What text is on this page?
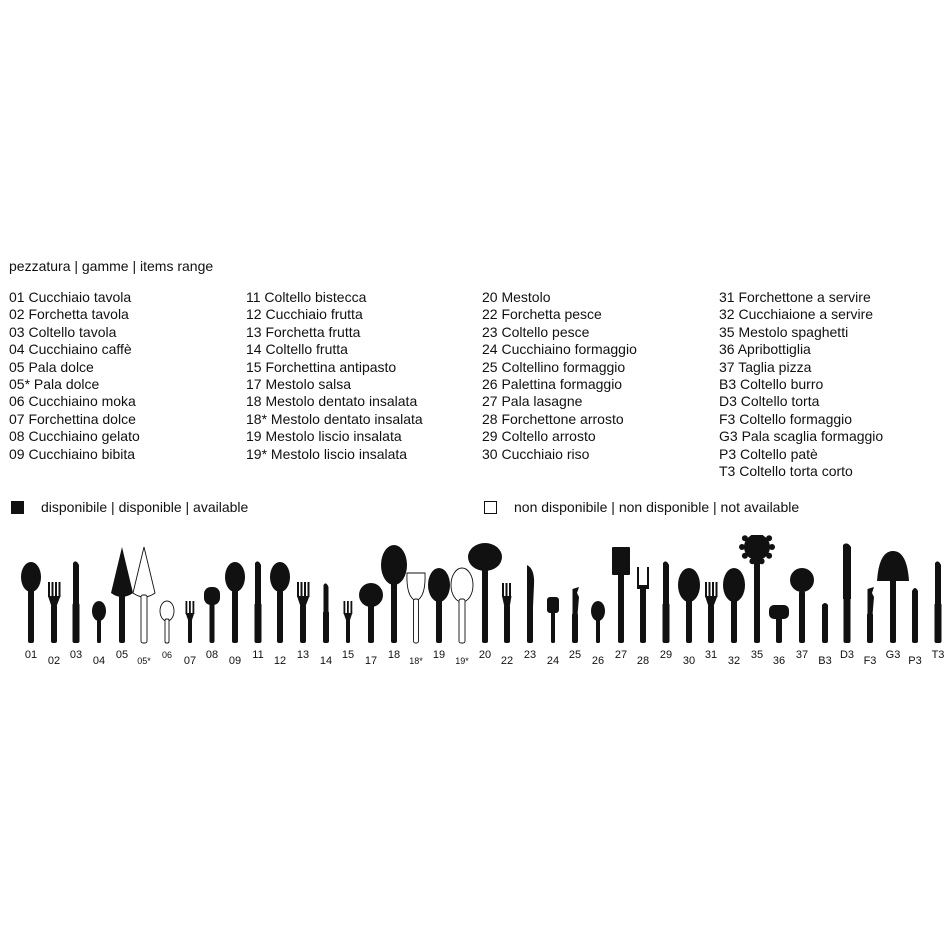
pezzatura | gamme | items range
01 Cucchiaio tavola
02 Forchetta tavola
03 Coltello tavola
04 Cucchiaino caffè
05 Pala dolce
05* Pala dolce
06 Cucchiaino moka
07 Forchettina dolce
08 Cucchiaino gelato
09 Cucchiaino bibita
11 Coltello bistecca
12 Cucchiaio frutta
13 Forchetta frutta
14 Coltello frutta
15 Forchettina antipasto
17 Mestolo salsa
18 Mestolo dentato insalata
18* Mestolo dentato insalata
19 Mestolo liscio insalata
19* Mestolo liscio insalata
20 Mestolo
22 Forchetta pesce
23 Coltello pesce
24 Cucchiaino formaggio
25 Coltellino formaggio
26 Palettina formaggio
27 Pala lasagne
28 Forchettone arrosto
29 Coltello arrosto
30 Cucchiaio riso
31 Forchettone a servire
32 Cucchiaione a servire
35 Mestolo spaghetti
36 Apribottiglia
37 Taglia pizza
B3 Coltello burro
D3 Coltello torta
F3 Coltello formaggio
G3 Pala scaglia formaggio
P3 Coltello patè
T3 Coltello torta corto
disponibile | disponible | available	non disponibile | non disponible | not available
01 02 03 04 05 05*
06 07 08 09 11 12 13 14 15 17 18 18* 19 19* 20 22 23 24 25 26 27 28 29 30 31 32 35 36 37 B3 D3 F3 G3 P3 T3
